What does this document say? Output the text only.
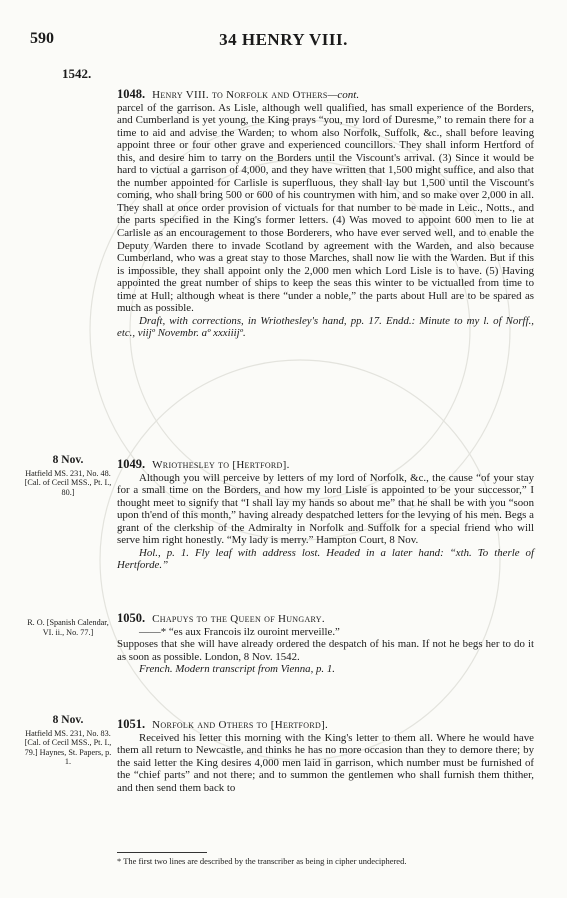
590	34 HENRY VIII.
1542.
1048. Henry VIII. to Norfolk and Others—cont.

parcel of the garrison. As Lisle, although well qualified, has small experience of the Borders, and Cumberland is yet young, the King prays “you, my lord of Duresme,” to remain there for a time to aid and advise the Warden; to whom also Norfolk, Suffolk, &c., shall before leaving appoint three or four other grave and experienced councillors. They shall inform Hertford of this, and desire him to tarry on the Borders until the Viscount's arrival. (3) Since it would be hard to victual a garrison of 4,000, and they have written that 1,500 might suffice, and also that the number appointed for Carlisle is superfluous, they shall lay but 1,500 until the Viscount's coming, who shall bring 500 or 600 of his countrymen with him, and so make over 2,000 in all. They shall at once order provision of victuals for that number to be made in Leic., Notts., and the parts specified in the King's former letters. (4) Was moved to appoint 600 men to lie at Carlisle as an encouragement to those Borderers, who have ever served well, and to enable the Deputy Warden there to invade Scotland by agreement with the Warden, and also because Cumberland, who was a great stay to those Marches, shall now lie with the Warden. But if this is impossible, they shall appoint only the 2,000 men which Lord Lisle is to have. (5) Having appointed the great number of ships to keep the seas this winter to be victualled from time to time at Hull; although wheat is there “under a noble,” the parts about Hull are to be spared as much as possible.

Draft, with corrections, in Wriothesley's hand, pp. 17. Endd.: Minute to my l. of Norff., etc., viijº Novembr. aº xxxiiijº.

8 Nov.
Hatfield MS. 231, No. 48. [Cal. of Cecil MSS., Pt. I., 80.]
1049. Wriothesley to [Hertford].

Although you will perceive by letters of my lord of Norfolk, &c., the cause “of your stay for a small time on the Borders, and how my lord Lisle is appointed to be your successor,” I thought meet to signify that “I shall lay my hands so about me” that he shall be with you “soon upon th'end of this month,” having already despatched letters for the levying of his men. Begs a grant of the clerkship of the Admiralty in Norfolk and Suffolk for a special friend who will serve him right honestly. “My lady is merry.” Hampton Court, 8 Nov.

Hol., p. 1. Fly leaf with address lost. Headed in a later hand: “xth. To therle of Hertforde.”

R. O. [Spanish Calendar, VI. ii., No. 77.]
1050. Chapuys to the Queen of Hungary.

——* “es aux Francois ilz ouroint merveille.”

Supposes that she will have already ordered the despatch of his man. If not he begs her to do it as soon as possible. London, 8 Nov. 1542.

French. Modern transcript from Vienna, p. 1.

8 Nov.
Hatfield MS. 231, No. 83. [Cal. of Cecil MSS., Pt. I., 79.] Haynes, St. Papers, p. 1.
1051. Norfolk and Others to [Hertford].

Received his letter this morning with the King's letter to them all. Where he would have them all return to Newcastle, and thinks he has no more occasion than they to demore there; by the said letter the King desires 4,000 men laid in garrison, which number must be furnished of the “chief parts” and not there; and to summon the gentlemen who shall furnish them thither, and then send them back to

* The first two lines are described by the transcriber as being in cipher undeciphered.
